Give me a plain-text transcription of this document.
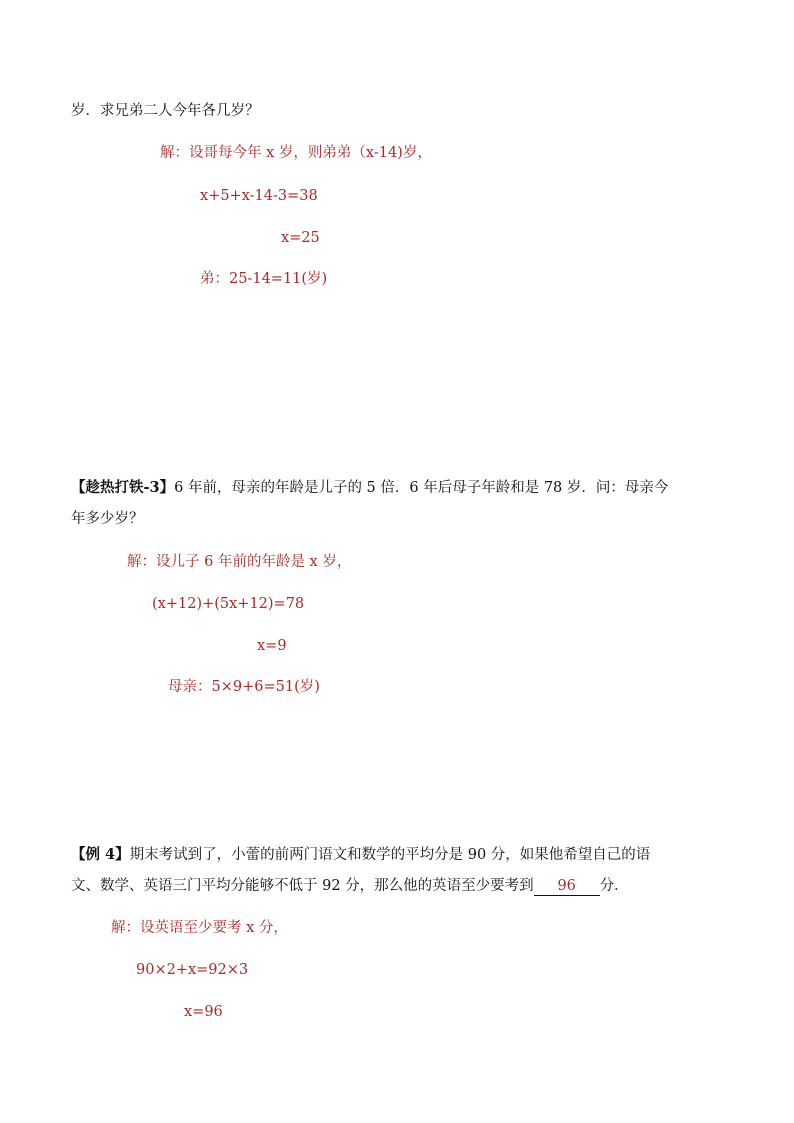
岁．求兄弟二人今年各几岁？
解：设哥每今年 x 岁，则弟弟（x-14)岁，
x+5+x-14-3=38
x=25
弟：25-14=11(岁)
【趁热打铁-3】6 年前，母亲的年龄是儿子的 5 倍．6 年后母子年龄和是 78 岁．问：母亲今
年多少岁？
解：设儿子 6 年前的年龄是 x 岁，
(x+12)+(5x+12)=78
x=9
母亲：5×9+6=51(岁)
【例 4】期末考试到了，小蕾的前两门语文和数学的平均分是 90 分，如果他希望自己的语
文、数学、英语三门平均分能够不低于 92 分，那么他的英语至少要考到 96 分．
解：设英语至少要考 x 分，
90×2+x=92×3
x=96
